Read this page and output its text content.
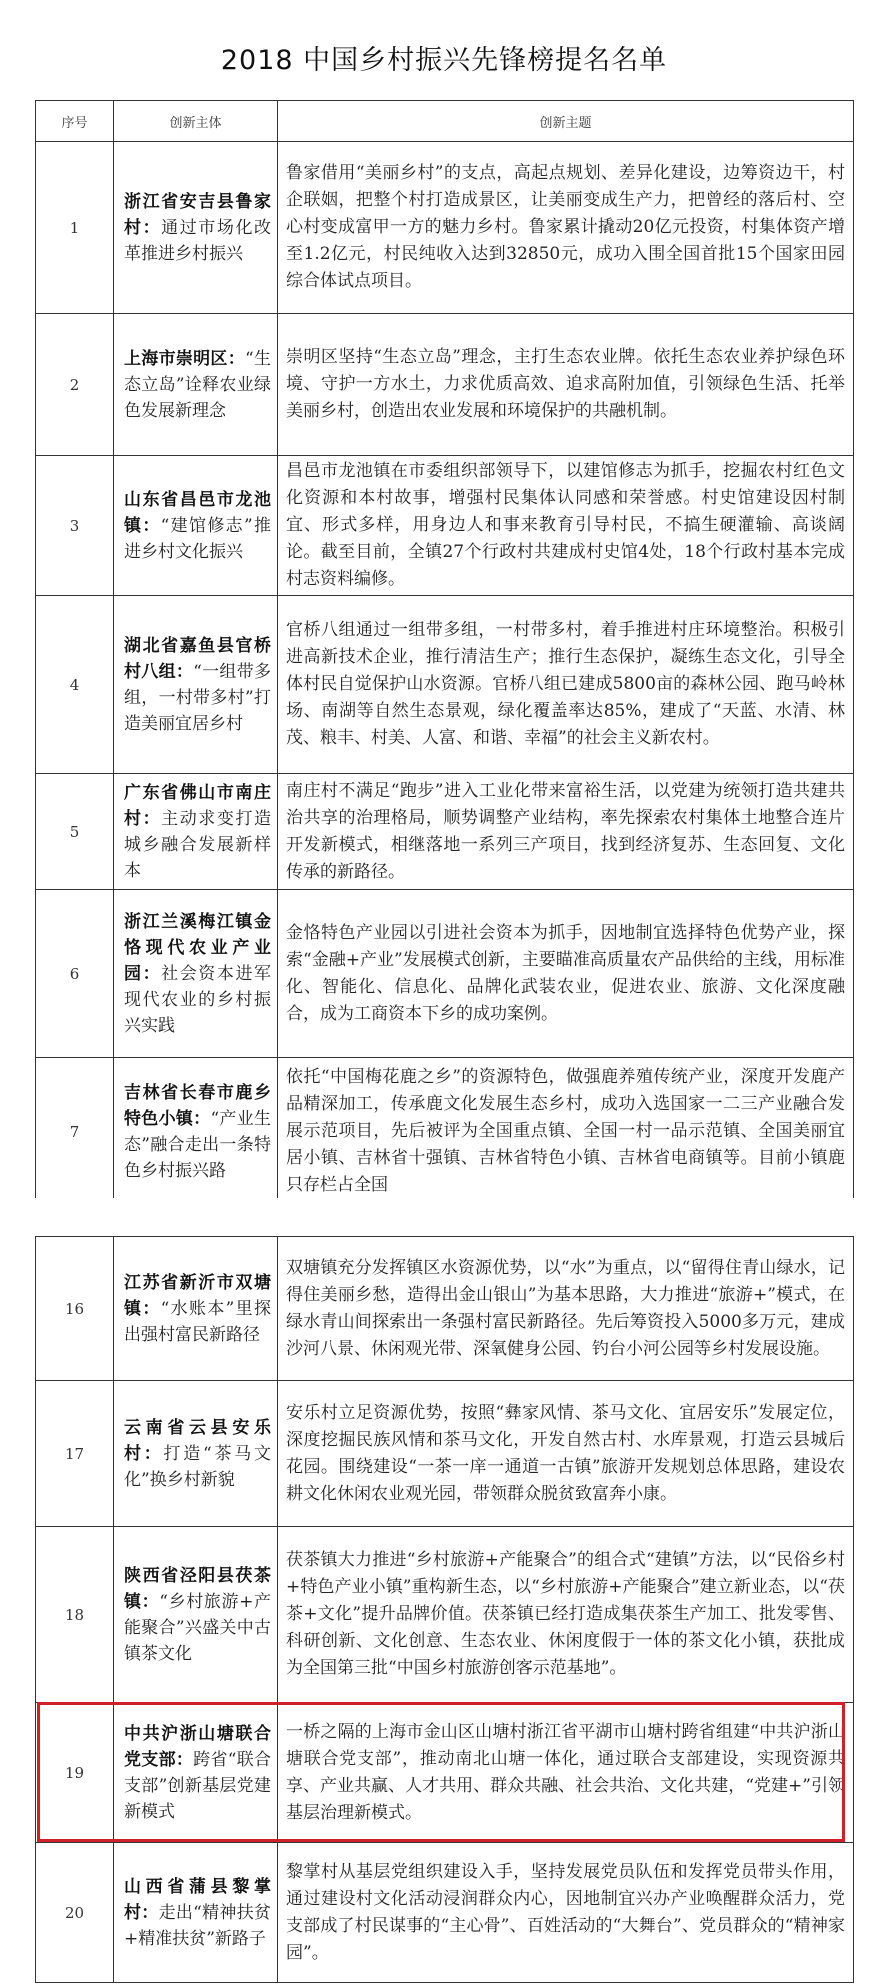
2018 中国乡村振兴先锋榜提名名单
序号	创新主体	创新主题
1	浙江省安吉县鲁家村：通过市场化改革推进乡村振兴	鲁家借用“美丽乡村”的支点，高起点规划、差异化建设，边筹资边干，村企联姻，把整个村打造成景区，让美丽变成生产力，把曾经的落后村、空心村变成富甲一方的魅力乡村。鲁家累计撬动20亿元投资，村集体资产增至1.2亿元，村民纯收入达到32850元，成功入围全国首批15个国家田园综合体试点项目。
2	上海市崇明区：“生态立岛”诠释农业绿色发展新理念	崇明区坚持“生态立岛”理念，主打生态农业牌。依托生态农业养护绿色环境、守护一方水土，力求优质高效、追求高附加值，引领绿色生活、托举美丽乡村，创造出农业发展和环境保护的共融机制。
3	山东省昌邑市龙池镇：“建馆修志”推进乡村文化振兴	昌邑市龙池镇在市委组织部领导下，以建馆修志为抓手，挖掘农村红色文化资源和本村故事，增强村民集体认同感和荣誉感。村史馆建设因村制宜、形式多样，用身边人和事来教育引导村民，不搞生硬灌输、高谈阔论。截至目前，全镇27个行政村共建成村史馆4处，18个行政村基本完成村志资料编修。
4	湖北省嘉鱼县官桥村八组：“一组带多组，一村带多村”打造美丽宜居乡村	官桥八组通过一组带多组，一村带多村，着手推进村庄环境整治。积极引进高新技术企业，推行清洁生产；推行生态保护，凝练生态文化，引导全体村民自觉保护山水资源。官桥八组已建成5800亩的森林公园、跑马岭林场、南湖等自然生态景观，绿化覆盖率达85%，建成了“天蓝、水清、林茂、粮丰、村美、人富、和谐、幸福”的社会主义新农村。
5	广东省佛山市南庄村：主动求变打造城乡融合发展新样本	南庄村不满足“跑步”进入工业化带来富裕生活，以党建为统领打造共建共治共享的治理格局，顺势调整产业结构，率先探索农村集体土地整合连片开发新模式，相继落地一系列三产项目，找到经济复苏、生态回复、文化传承的新路径。
6	浙江兰溪梅江镇金恪现代农业产业园：社会资本进军现代农业的乡村振兴实践	金恪特色产业园以引进社会资本为抓手，因地制宜选择特色优势产业，探索“金融+产业”发展模式创新，主要瞄准高质量农产品供给的主线，用标准化、智能化、信息化、品牌化武装农业，促进农业、旅游、文化深度融合，成为工商资本下乡的成功案例。
7	吉林省长春市鹿乡特色小镇：“产业生态”融合走出一条特色乡村振兴路	依托“中国梅花鹿之乡”的资源特色，做强鹿养殖传统产业，深度开发鹿产品精深加工，传承鹿文化发展生态乡村，成功入选国家一二三产业融合发展示范项目，先后被评为全国重点镇、全国一村一品示范镇、全国美丽宜居小镇、吉林省十强镇、吉林省特色小镇、吉林省电商镇等。目前小镇鹿只存栏占全国
16	江苏省新沂市双塘镇：“水账本”里探出强村富民新路径	双塘镇充分发挥镇区水资源优势，以“水”为重点，以“留得住青山绿水，记得住美丽乡愁，造得出金山银山”为基本思路，大力推进“旅游+”模式，在绿水青山间探索出一条强村富民新路径。先后筹资投入5000多万元，建成沙河八景、休闲观光带、深氧健身公园、钓台小河公园等乡村发展设施。
17	云南省云县安乐村：打造“茶马文化”换乡村新貌	安乐村立足资源优势，按照“彝家风情、茶马文化、宜居安乐”发展定位，深度挖掘民族风情和茶马文化，开发自然古村、水库景观，打造云县城后花园。围绕建设“一茶一庠一通道一古镇”旅游开发规划总体思路，建设农耕文化休闲农业观光园，带领群众脱贫致富奔小康。
18	陕西省泾阳县茯茶镇：“乡村旅游+产能聚合”兴盛关中古镇茶文化	茯茶镇大力推进“乡村旅游+产能聚合”的组合式“建镇”方法，以“民俗乡村+特色产业小镇”重构新生态，以“乡村旅游+产能聚合”建立新业态，以“茯茶+文化”提升品牌价值。茯茶镇已经打造成集茯茶生产加工、批发零售、科研创新、文化创意、生态农业、休闲度假于一体的茶文化小镇，获批成为全国第三批“中国乡村旅游创客示范基地”。
19	中共沪浙山塘联合党支部：跨省“联合支部”创新基层党建新模式	一桥之隔的上海市金山区山塘村浙江省平湖市山塘村跨省组建“中共沪浙山塘联合党支部”，推动南北山塘一体化，通过联合支部建设，实现资源共享、产业共赢、人才共用、群众共融、社会共治、文化共建，“党建+”引领基层治理新模式。
20	山西省蒲县黎掌村：走出“精神扶贫+精准扶贫”新路子	黎掌村从基层党组织建设入手，坚持发展党员队伍和发挥党员带头作用，通过建设村文化活动浸润群众内心，因地制宜兴办产业唤醒群众活力，党支部成了村民谋事的“主心骨”、百姓活动的“大舞台”、党员群众的“精神家园”。
